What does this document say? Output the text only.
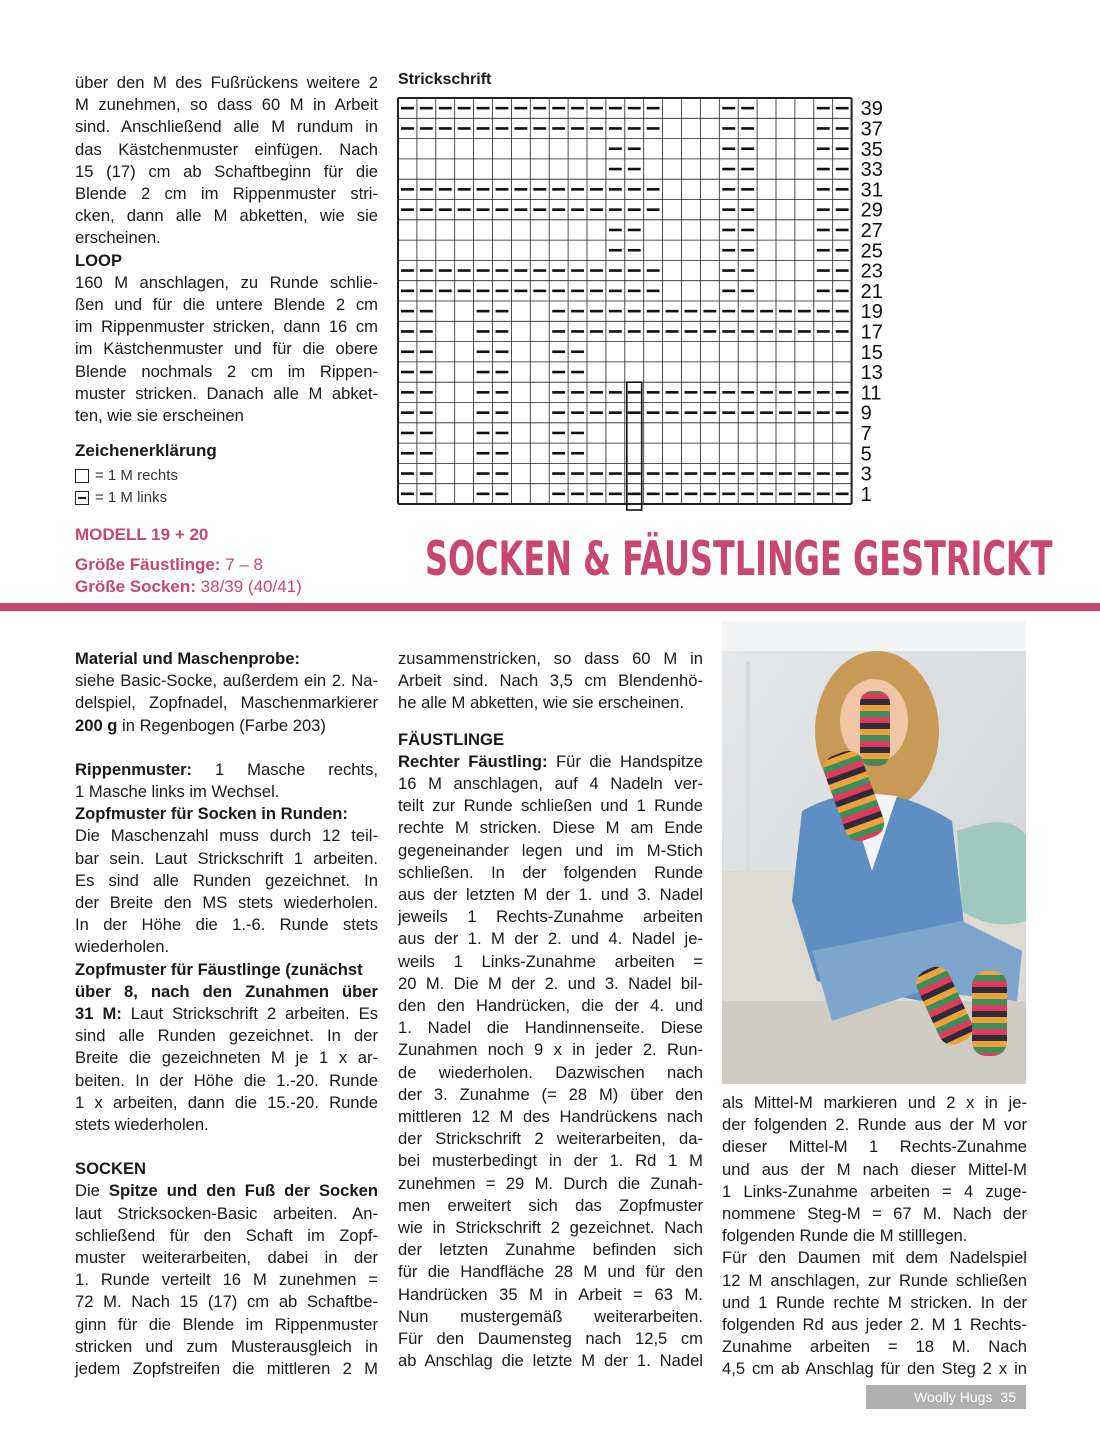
über den M des Fußrückens weitere 2

M zunehmen, so dass 60 M in Arbeit

sind. Anschließend alle M rundum in

das Kästchenmuster einfügen. Nach

15 (17) cm ab Schaftbeginn für die

Blende 2 cm im Rippenmuster stri-

cken, dann alle M abketten, wie sie

erscheinen.

LOOP

160 M anschlagen, zu Runde schlie-

ßen und für die untere Blende 2 cm

im Rippenmuster stricken, dann 16 cm

im Kästchenmuster und für die obere

Blende nochmals 2 cm im Rippen-

muster stricken. Danach alle M abket-

ten, wie sie erscheinen

Zeichenerklärung
= 1 M rechts
= 1 M links
MODELL 19 + 20
Größe Fäustlinge: 7 – 8
Größe Socken: 38/39 (40/41)
Strickschrift
39
37
35
33
31
29
27
25
23
21
19
17
15
13
11
9
7
5
3
1
SOCKEN & FÄUSTLINGE GESTRICKT

Material und Maschenprobe:

siehe Basic-Socke, außerdem ein 2. Na-

delspiel, Zopfnadel, Maschenmarkierer

200 g in Regenbogen (Farbe 203)

Rippenmuster: 1 Masche rechts,

1 Masche links im Wechsel.

Zopfmuster für Socken in Runden:

Die Maschenzahl muss durch 12 teil-

bar sein. Laut Strickschrift 1 arbeiten.

Es sind alle Runden gezeichnet. In

der Breite den MS stets wiederholen.

In der Höhe die 1.-6. Runde stets

wiederholen.

Zopfmuster für Fäustlinge (zunächst

über 8, nach den Zunahmen über

31 M: Laut Strickschrift 2 arbeiten. Es

sind alle Runden gezeichnet. In der

Breite die gezeichneten M je 1 x ar-

beiten. In der Höhe die 1.-20. Runde

1 x arbeiten, dann die 15.-20. Runde

stets wiederholen.

SOCKEN

Die Spitze und den Fuß der Socken

laut Stricksocken-Basic arbeiten. An-

schließend für den Schaft im Zopf-

muster weiterarbeiten, dabei in der

1. Runde verteilt 16 M zunehmen =

72 M. Nach 15 (17) cm ab Schaftbe-

ginn für die Blende im Rippenmuster

stricken und zum Musterausgleich in

jedem Zopfstreifen die mittleren 2 M

zusammenstricken, so dass 60 M in

Arbeit sind. Nach 3,5 cm Blendenhö-

he alle M abketten, wie sie erscheinen.

FÄUSTLINGE

Rechter Fäustling: Für die Handspitze

16 M anschlagen, auf 4 Nadeln ver-

teilt zur Runde schließen und 1 Runde

rechte M stricken. Diese M am Ende

gegeneinander legen und im M-Stich

schließen. In der folgenden Runde

aus der letzten M der 1. und 3. Nadel

jeweils 1 Rechts-Zunahme arbeiten

aus der 1. M der 2. und 4. Nadel je-

weils 1 Links-Zunahme arbeiten =

20 M. Die M der 2. und 3. Nadel bil-

den den Handrücken, die der 4. und

1. Nadel die Handinnenseite. Diese

Zunahmen noch 9 x in jeder 2. Run-

de wiederholen. Dazwischen nach

der 3. Zunahme (= 28 M) über den

mittleren 12 M des Handrückens nach

der Strickschrift 2 weiterarbeiten, da-

bei musterbedingt in der 1. Rd 1 M

zunehmen = 29 M. Durch die Zunah-

men erweitert sich das Zopfmuster

wie in Strickschrift 2 gezeichnet. Nach

der letzten Zunahme befinden sich

für die Handfläche 28 M und für den

Handrücken 35 M in Arbeit = 63 M.

Nun mustergemäß weiterarbeiten.

Für den Daumensteg nach 12,5 cm

ab Anschlag die letzte M der 1. Nadel

als Mittel-M markieren und 2 x in je-

der folgenden 2. Runde aus der M vor

dieser Mittel-M 1 Rechts-Zunahme

und aus der M nach dieser Mittel-M

1 Links-Zunahme arbeiten = 4 zuge-

nommene Steg-M = 67 M. Nach der

folgenden Runde die M stilllegen.

Für den Daumen mit dem Nadelspiel

12 M anschlagen, zur Runde schließen

und 1 Runde rechte M stricken. In der

folgenden Rd aus jeder 2. M 1 Rechts-

Zunahme arbeiten = 18 M. Nach

4,5 cm ab Anschlag für den Steg 2 x in

Woolly Hugs 35
